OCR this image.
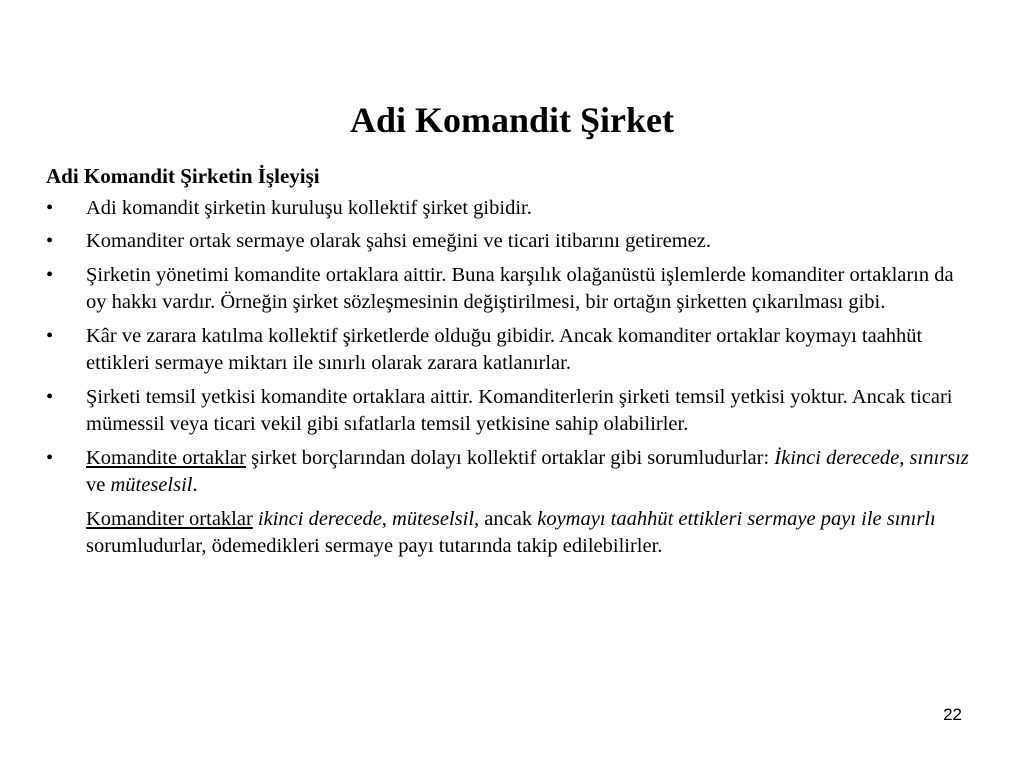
Adi Komandit Şirket
Adi Komandit Şirketin İşleyişi
• Adi komandit şirketin kuruluşu kollektif şirket gibidir.
• Komanditer ortak sermaye olarak şahsi emeğini ve ticari itibarını getiremez.
• Şirketin yönetimi komandite ortaklara aittir. Buna karşılık olağanüstü işlemlerde komanditer ortakların da oy hakkı vardır. Örneğin şirket sözleşmesinin değiştirilmesi, bir ortağın şirketten çıkarılması gibi.
• Kâr ve zarara katılma kollektif şirketlerde olduğu gibidir. Ancak komanditer ortaklar koymayı taahhüt ettikleri sermaye miktarı ile sınırlı olarak zarara katlanırlar.
• Şirketi temsil yetkisi komandite ortaklara aittir. Komanditerlerin şirketi temsil yetkisi yoktur. Ancak ticari mümessil veya ticari vekil gibi sıfatlarla temsil yetkisine sahip olabilirler.
• Komandite ortaklar şirket borçlarından dolayı kollektif ortaklar gibi sorumludurlar: İkinci derecede, sınırsız ve müteselsil.
Komanditer ortaklar ikinci derecede, müteselsil, ancak koymayı taahhüt ettikleri sermaye payı ile sınırlı sorumludurlar, ödemedikleri sermaye payı tutarında takip edilebilirler.
22
